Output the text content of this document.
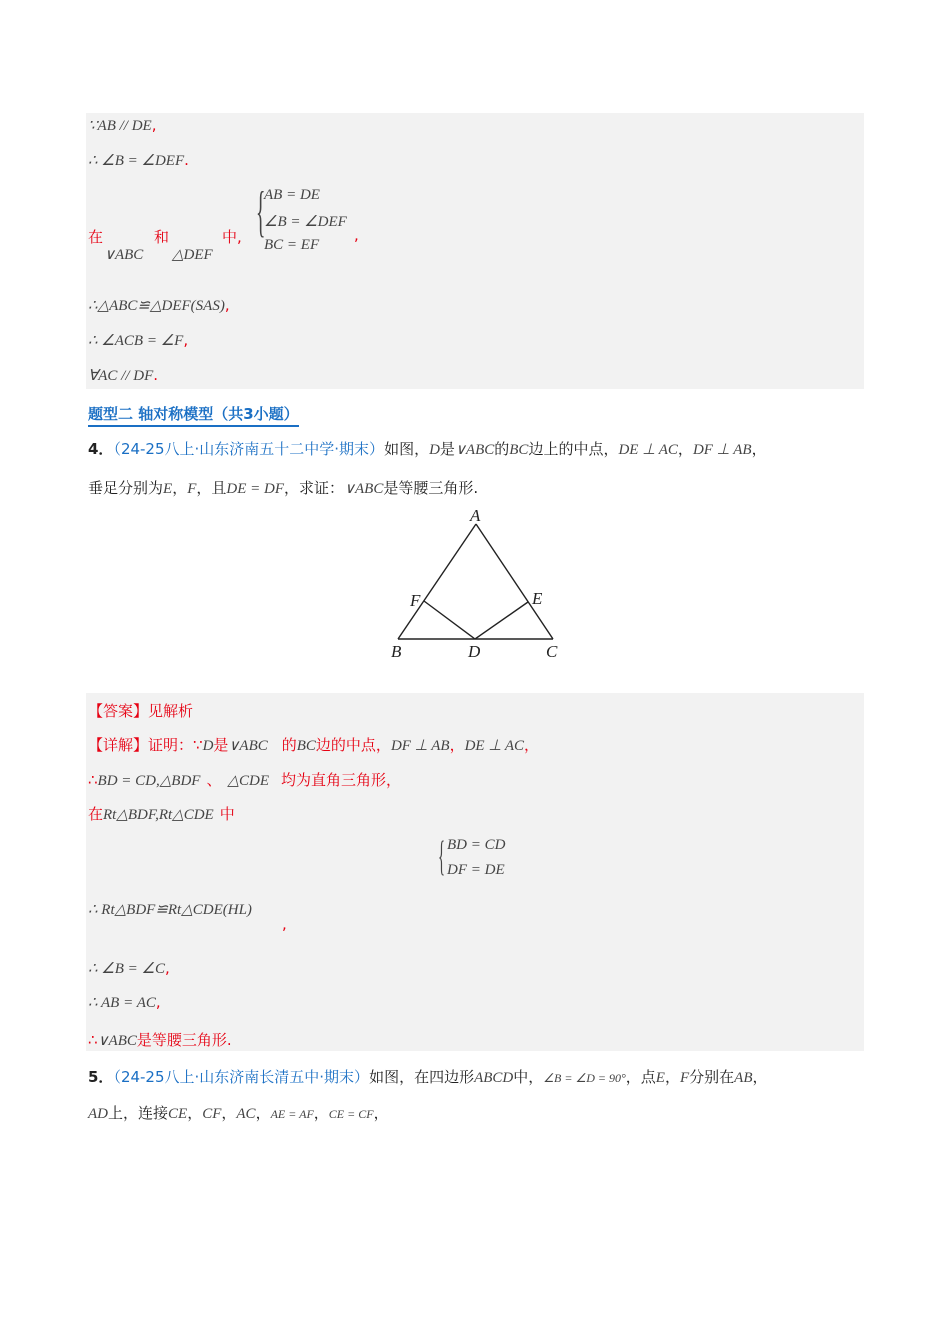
∵AB // DE,
∴ ∠B = ∠DEF.
在	和	中,
∨ABC △DEF
{
AB = DE
∠B = ∠DEF
BC = EF
,
∴△ABC≌△DEF(SAS),
∴ ∠ACB = ∠F,
∀AC // DF.
题型二 轴对称模型（共3小题）
4．（24-25八上·山东济南五十二中学·期末）如图，D是∨ABC的BC边上的中点，DE ⊥ AC，DF ⊥ AB，
垂足分别为E，F，且DE = DF，求证：∨ABC是等腰三角形.
A
B	C
D
E
F
【答案】见解析
【详解】证明：∵D是∨ABC 的BC边的中点，DF ⊥ AB，DE ⊥ AC，
∴BD = CD,△BDF 、 △CDE 均为直角三角形，
在Rt△BDF,Rt△CDE 中
{ BD = CD
DF = DE
∴ Rt△BDF≌Rt△CDE(HL)
,
∴ ∠B = ∠C,
∴ AB = AC,
∴∨ABC是等腰三角形.
5．（24-25八上·山东济南长清五中·期末）如图，在四边形ABCD中，∠B = ∠D = 90°，点E，F分别在AB，
AD上，连接CE，CF，AC，AE = AF，CE = CF，
